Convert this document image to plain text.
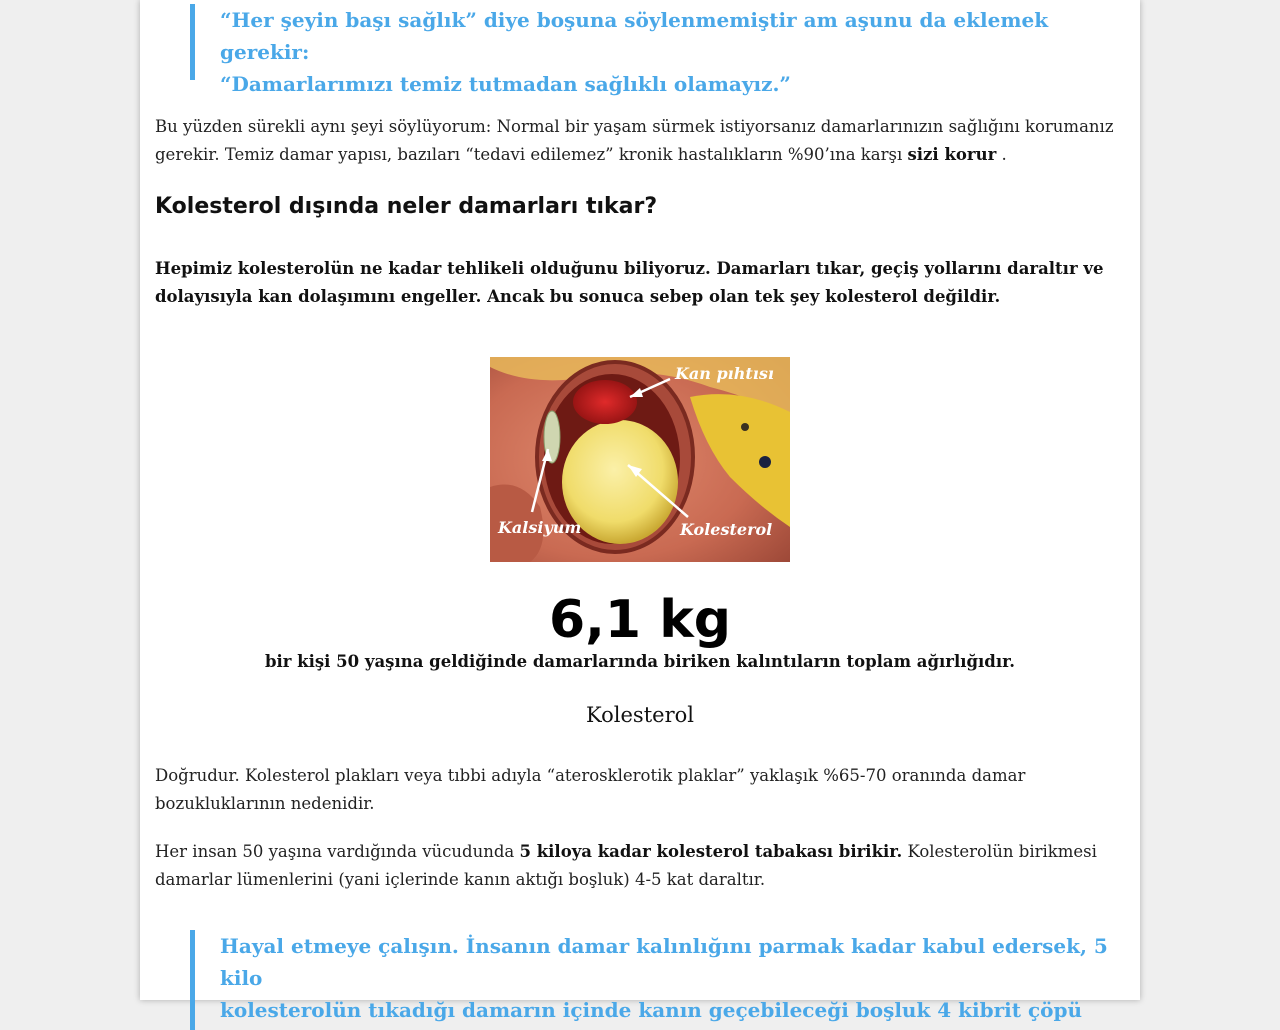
“Her şeyin başı sağlık” diye boşuna söylenmemiştir am aşunu da eklemek gerekir:

“Damarlarımızı temiz tutmadan sağlıklı olamayız.”

Bu yüzden sürekli aynı şeyi söylüyorum: Normal bir yaşam sürmek istiyorsanız damarlarınızın sağlığını korumanız gerekir. Temiz damar yapısı, bazıları “tedavi edilemez” kronik hastalıkların %90’ına karşı sizi korur .

Kolesterol dışında neler damarları tıkar?

Hepimiz kolesterolün ne kadar tehlikeli olduğunu biliyoruz. Damarları tıkar, geçiş yollarını daraltır ve dolayısıyla kan dolaşımını engeller. Ancak bu sonuca sebep olan tek şey kolesterol değildir.

Kan pıhtısı
Kalsiyum	Kolesterol
6,1 kg
bir kişi 50 yaşına geldiğinde damarlarında biriken kalıntıların toplam ağırlığıdır.
Kolesterol

Doğrudur. Kolesterol plakları veya tıbbi adıyla “aterosklerotik plaklar” yaklaşık %65-70 oranında damar bozukluklarının nedenidir.

Her insan 50 yaşına vardığında vücudunda 5 kiloya kadar kolesterol tabakası birikir. Kolesterolün birikmesi damarlar lümenlerini (yani içlerinde kanın aktığı boşluk) 4-5 kat daraltır.

Hayal etmeye çalışın. İnsanın damar kalınlığını parmak kadar kabul edersek, 5 kilo

kolesterolün tıkadığı damarın içinde kanın geçebileceği boşluk 4 kibrit çöpü
